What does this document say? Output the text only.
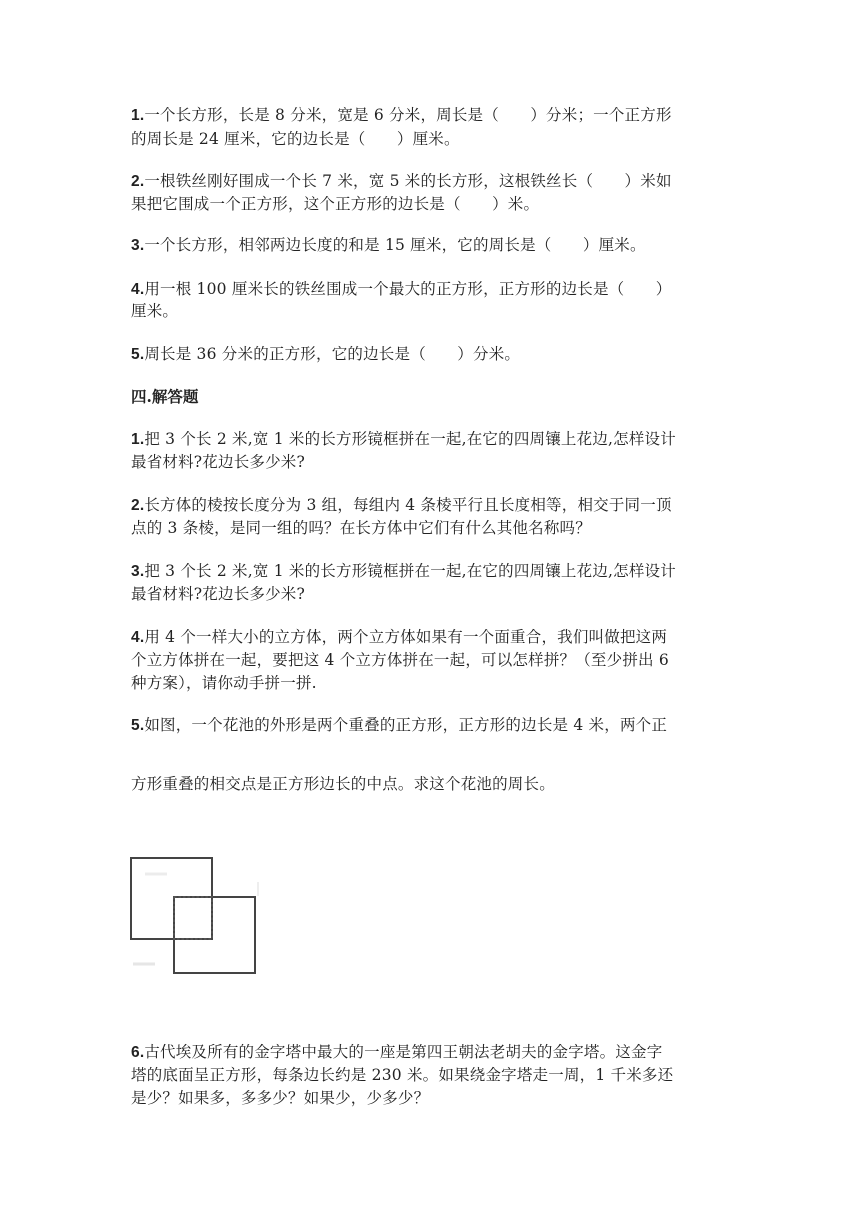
1.一个长方形，长是 8 分米，宽是 6 分米，周长是（　　）分米；一个正方形
的周长是 24 厘米，它的边长是（　　）厘米。
2.一根铁丝刚好围成一个长 7 米，宽 5 米的长方形，这根铁丝长（　　）米如
果把它围成一个正方形，这个正方形的边长是（　　）米。
3.一个长方形，相邻两边长度的和是 15 厘米，它的周长是（　　）厘米。
4.用一根 100 厘米长的铁丝围成一个最大的正方形，正方形的边长是（　　）
厘米。
5.周长是 36 分米的正方形，它的边长是（　　）分米。
四.解答题
1.把 3 个长 2 米,宽 1 米的长方形镜框拼在一起,在它的四周镶上花边,怎样设计
最省材料?花边长多少米?
2.长方体的棱按长度分为 3 组，每组内 4 条棱平行且长度相等，相交于同一顶
点的 3 条棱，是同一组的吗？在长方体中它们有什么其他名称吗？
3.把 3 个长 2 米,宽 1 米的长方形镜框拼在一起,在它的四周镶上花边,怎样设计
最省材料?花边长多少米?
4.用 4 个一样大小的立方体，两个立方体如果有一个面重合，我们叫做把这两
个立方体拼在一起，要把这 4 个立方体拼在一起，可以怎样拼？（至少拼出 6
种方案），请你动手拼一拼.
5.如图，一个花池的外形是两个重叠的正方形，正方形的边长是 4 米，两个正
方形重叠的相交点是正方形边长的中点。求这个花池的周长。
6.古代埃及所有的金字塔中最大的一座是第四王朝法老胡夫的金字塔。这金字
塔的底面呈正方形，每条边长约是 230 米。如果绕金字塔走一周，1 千米多还
是少？如果多，多多少？如果少，少多少？
